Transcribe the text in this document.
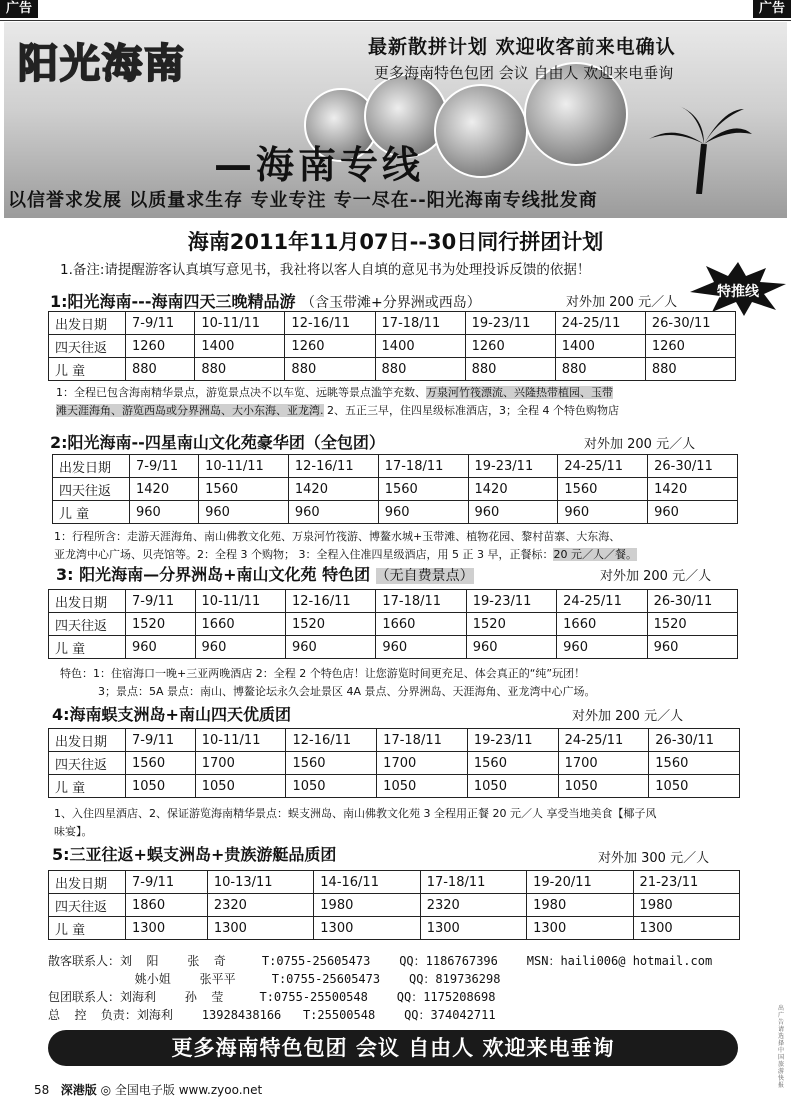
广告	广告
阳光海南	最新散拼计划 欢迎收客前来电确认
更多海南特色包团 会议 自由人 欢迎来电垂询
—海南专线
以信誉求发展 以质量求生存 专业专注 专一尽在--阳光海南专线批发商
海南2011年11月07日--30日同行拼团计划
1.备注:请提醒游客认真填写意见书，我社将以客人自填的意见书为处理投诉反馈的依据！
特推线
1:阳光海南---海南四天三晚精品游 （含玉带滩+分界洲或西岛）	对外加 200 元／人
出发日期	7-9/11	10-11/11	12-16/11	17-18/11	19-23/11	24-25/11	26-30/11
四天往返	1260	1400	1260	1400	1260	1400	1260
儿 童	880	880	880	880	880	880	880
1：全程已包含海南精华景点，游览景点决不以车览、远眺等景点滥竽充数、万泉河竹筏漂流、兴隆热带植园、玉带
滩天涯海角、游览西岛或分界洲岛、大小东海、亚龙湾. 2、五正三早，住四星级标准酒店，3；全程 4 个特色购物店
2:阳光海南--四星南山文化苑豪华团（全包团）	对外加 200 元／人
出发日期	7-9/11	10-11/11	12-16/11	17-18/11	19-23/11	24-25/11	26-30/11
四天往返	1420	1560	1420	1560	1420	1560	1420
儿 童	960	960	960	960	960	960	960
1：行程所含：走游天涯海角、南山佛教文化苑、万泉河竹筏游、博鳌水城+玉带滩、植物花园、黎村苗寨、大东海、
亚龙湾中心广场、贝壳馆等。2：全程 3 个购物； 3：全程入住准四星级酒店，用 5 正 3 早，正餐标：20 元／人／餐。
3: 阳光海南—分界洲岛+南山文化苑 特色团 （无自费景点）	对外加 200 元／人
出发日期	7-9/11	10-11/11	12-16/11	17-18/11	19-23/11	24-25/11	26-30/11
四天往返	1520	1660	1520	1660	1520	1660	1520
儿 童	960	960	960	960	960	960	960
特色：1：住宿海口一晚+三亚两晚酒店 2：全程 2 个特色店！让您游览时间更充足、体会真正的“纯”玩团！
3；景点：5A 景点：南山、博鳌论坛永久会址景区 4A 景点、分界洲岛、天涯海角、亚龙湾中心广场。
4:海南蜈支洲岛+南山四天优质团	对外加 200 元／人
出发日期	7-9/11	10-11/11	12-16/11	17-18/11	19-23/11	24-25/11	26-30/11
四天往返	1560	1700	1560	1700	1560	1700	1560
儿 童	1050	1050	1050	1050	1050	1050	1050
1、入住四星酒店、2、保证游览海南精华景点：蜈支洲岛、南山佛教文化苑 3 全程用正餐 20 元／人 享受当地美食【椰子风
味宴】。
5:三亚往返+蜈支洲岛+贵族游艇品质团	对外加 300 元／人
出发日期	7-9/11	10-13/11	14-16/11	17-18/11	19-20/11	21-23/11
四天往返	1860	2320	1980	2320	1980	1980
儿 童	1300	1300	1300	1300	1300	1300
散客联系人：刘  阳    张  奇     T:0755-25605473    QQ：1186767396    MSN：haili006@ hotmail.com
姚小姐    张平平     T:0755-25605473    QQ：819736298
包团联系人：刘海利    孙  莹     T:0755-25500548    QQ：1175208698
总  控  负责：刘海利    13928438166   T:25500548    QQ：374042711
更多海南特色包团 会议 自由人 欢迎来电垂询
58 深港版 ◎ 全国电子版 www.zyoo.net
出广告请选择中国旅游快报
